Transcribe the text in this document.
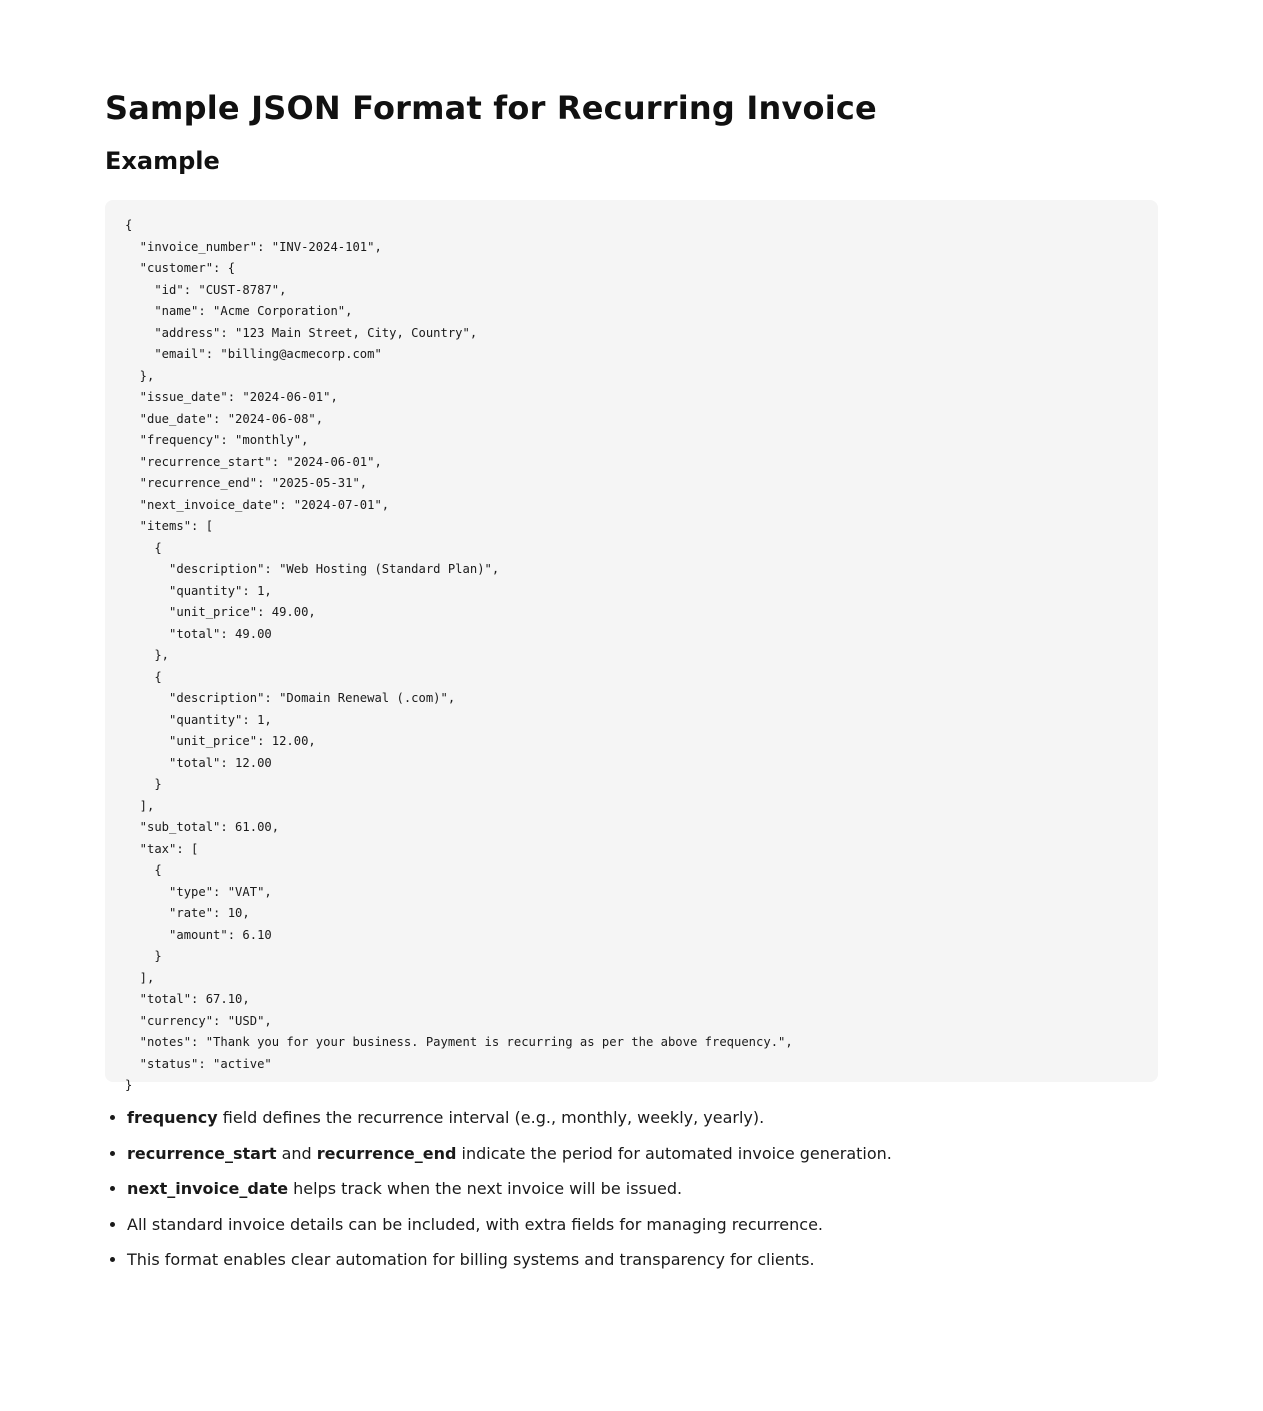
Sample JSON Format for Recurring Invoice
Example
{
"invoice_number": "INV-2024-101",
"customer": {
"id": "CUST-8787",
"name": "Acme Corporation",
"address": "123 Main Street, City, Country",
"email": "billing@acmecorp.com"
},
"issue_date": "2024-06-01",
"due_date": "2024-06-08",
"frequency": "monthly",
"recurrence_start": "2024-06-01",
"recurrence_end": "2025-05-31",
"next_invoice_date": "2024-07-01",
"items": [
{
"description": "Web Hosting (Standard Plan)",
"quantity": 1,
"unit_price": 49.00,
"total": 49.00
},
{
"description": "Domain Renewal (.com)",
"quantity": 1,
"unit_price": 12.00,
"total": 12.00
}
],
"sub_total": 61.00,
"tax": [
{
"type": "VAT",
"rate": 10,
"amount": 6.10
}
],
"total": 67.10,
"currency": "USD",
"notes": "Thank you for your business. Payment is recurring as per the above frequency.",
"status": "active"
}
• frequency field defines the recurrence interval (e.g., monthly, weekly, yearly).
• recurrence_start and recurrence_end indicate the period for automated invoice generation.
• next_invoice_date helps track when the next invoice will be issued.
• All standard invoice details can be included, with extra fields for managing recurrence.
• This format enables clear automation for billing systems and transparency for clients.
